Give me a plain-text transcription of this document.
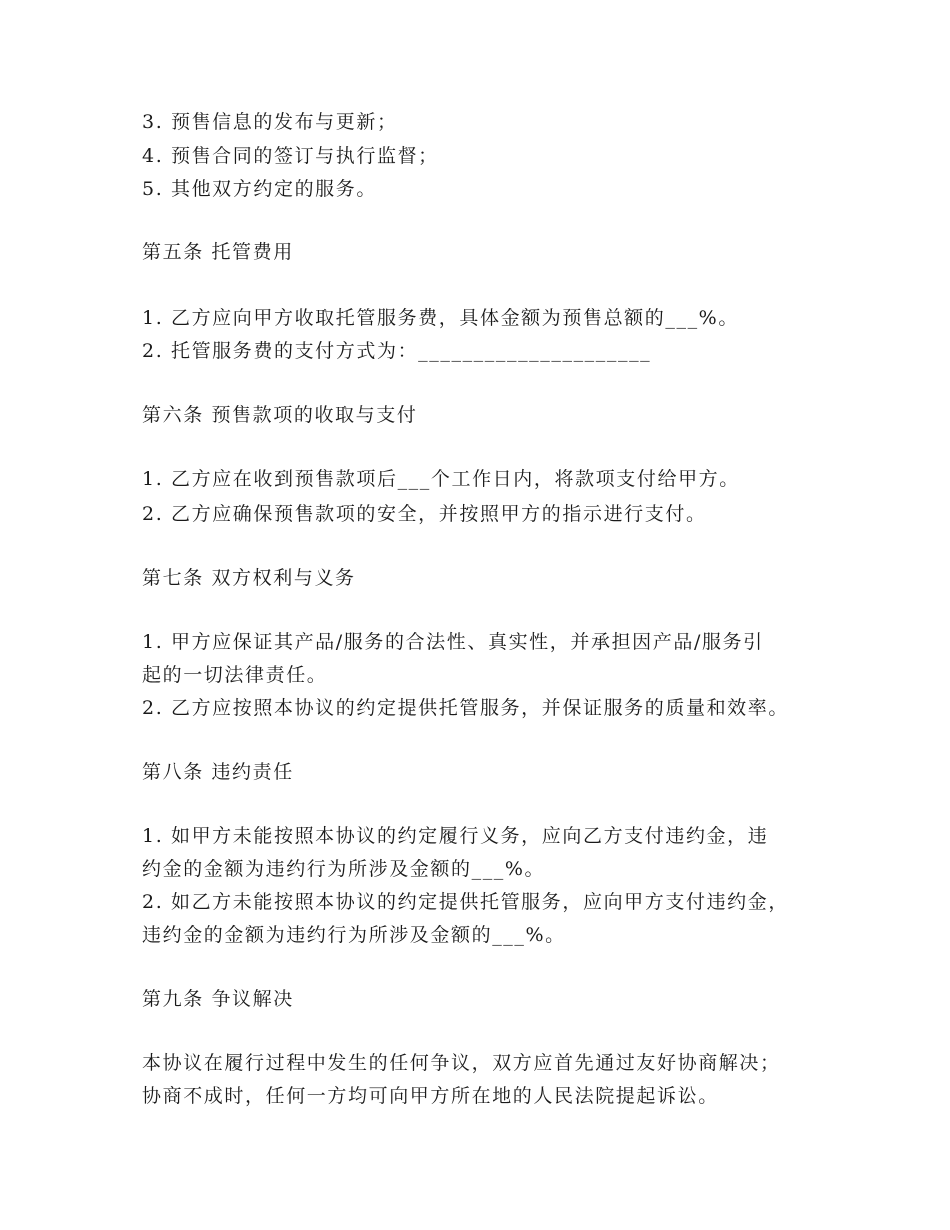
3. 预售信息的发布与更新；
4. 预售合同的签订与执行监督；
5. 其他双方约定的服务。
第五条 托管费用
1. 乙方应向甲方收取托管服务费，具体金额为预售总额的___%。
2. 托管服务费的支付方式为：_____________________
第六条 预售款项的收取与支付
1. 乙方应在收到预售款项后___个工作日内，将款项支付给甲方。
2. 乙方应确保预售款项的安全，并按照甲方的指示进行支付。
第七条 双方权利与义务
1. 甲方应保证其产品/服务的合法性、真实性，并承担因产品/服务引
起的一切法律责任。
2. 乙方应按照本协议的约定提供托管服务，并保证服务的质量和效率。
第八条 违约责任
1. 如甲方未能按照本协议的约定履行义务，应向乙方支付违约金，违
约金的金额为违约行为所涉及金额的___%。
2. 如乙方未能按照本协议的约定提供托管服务，应向甲方支付违约金，
违约金的金额为违约行为所涉及金额的___%。
第九条 争议解决
本协议在履行过程中发生的任何争议，双方应首先通过友好协商解决；
协商不成时，任何一方均可向甲方所在地的人民法院提起诉讼。
